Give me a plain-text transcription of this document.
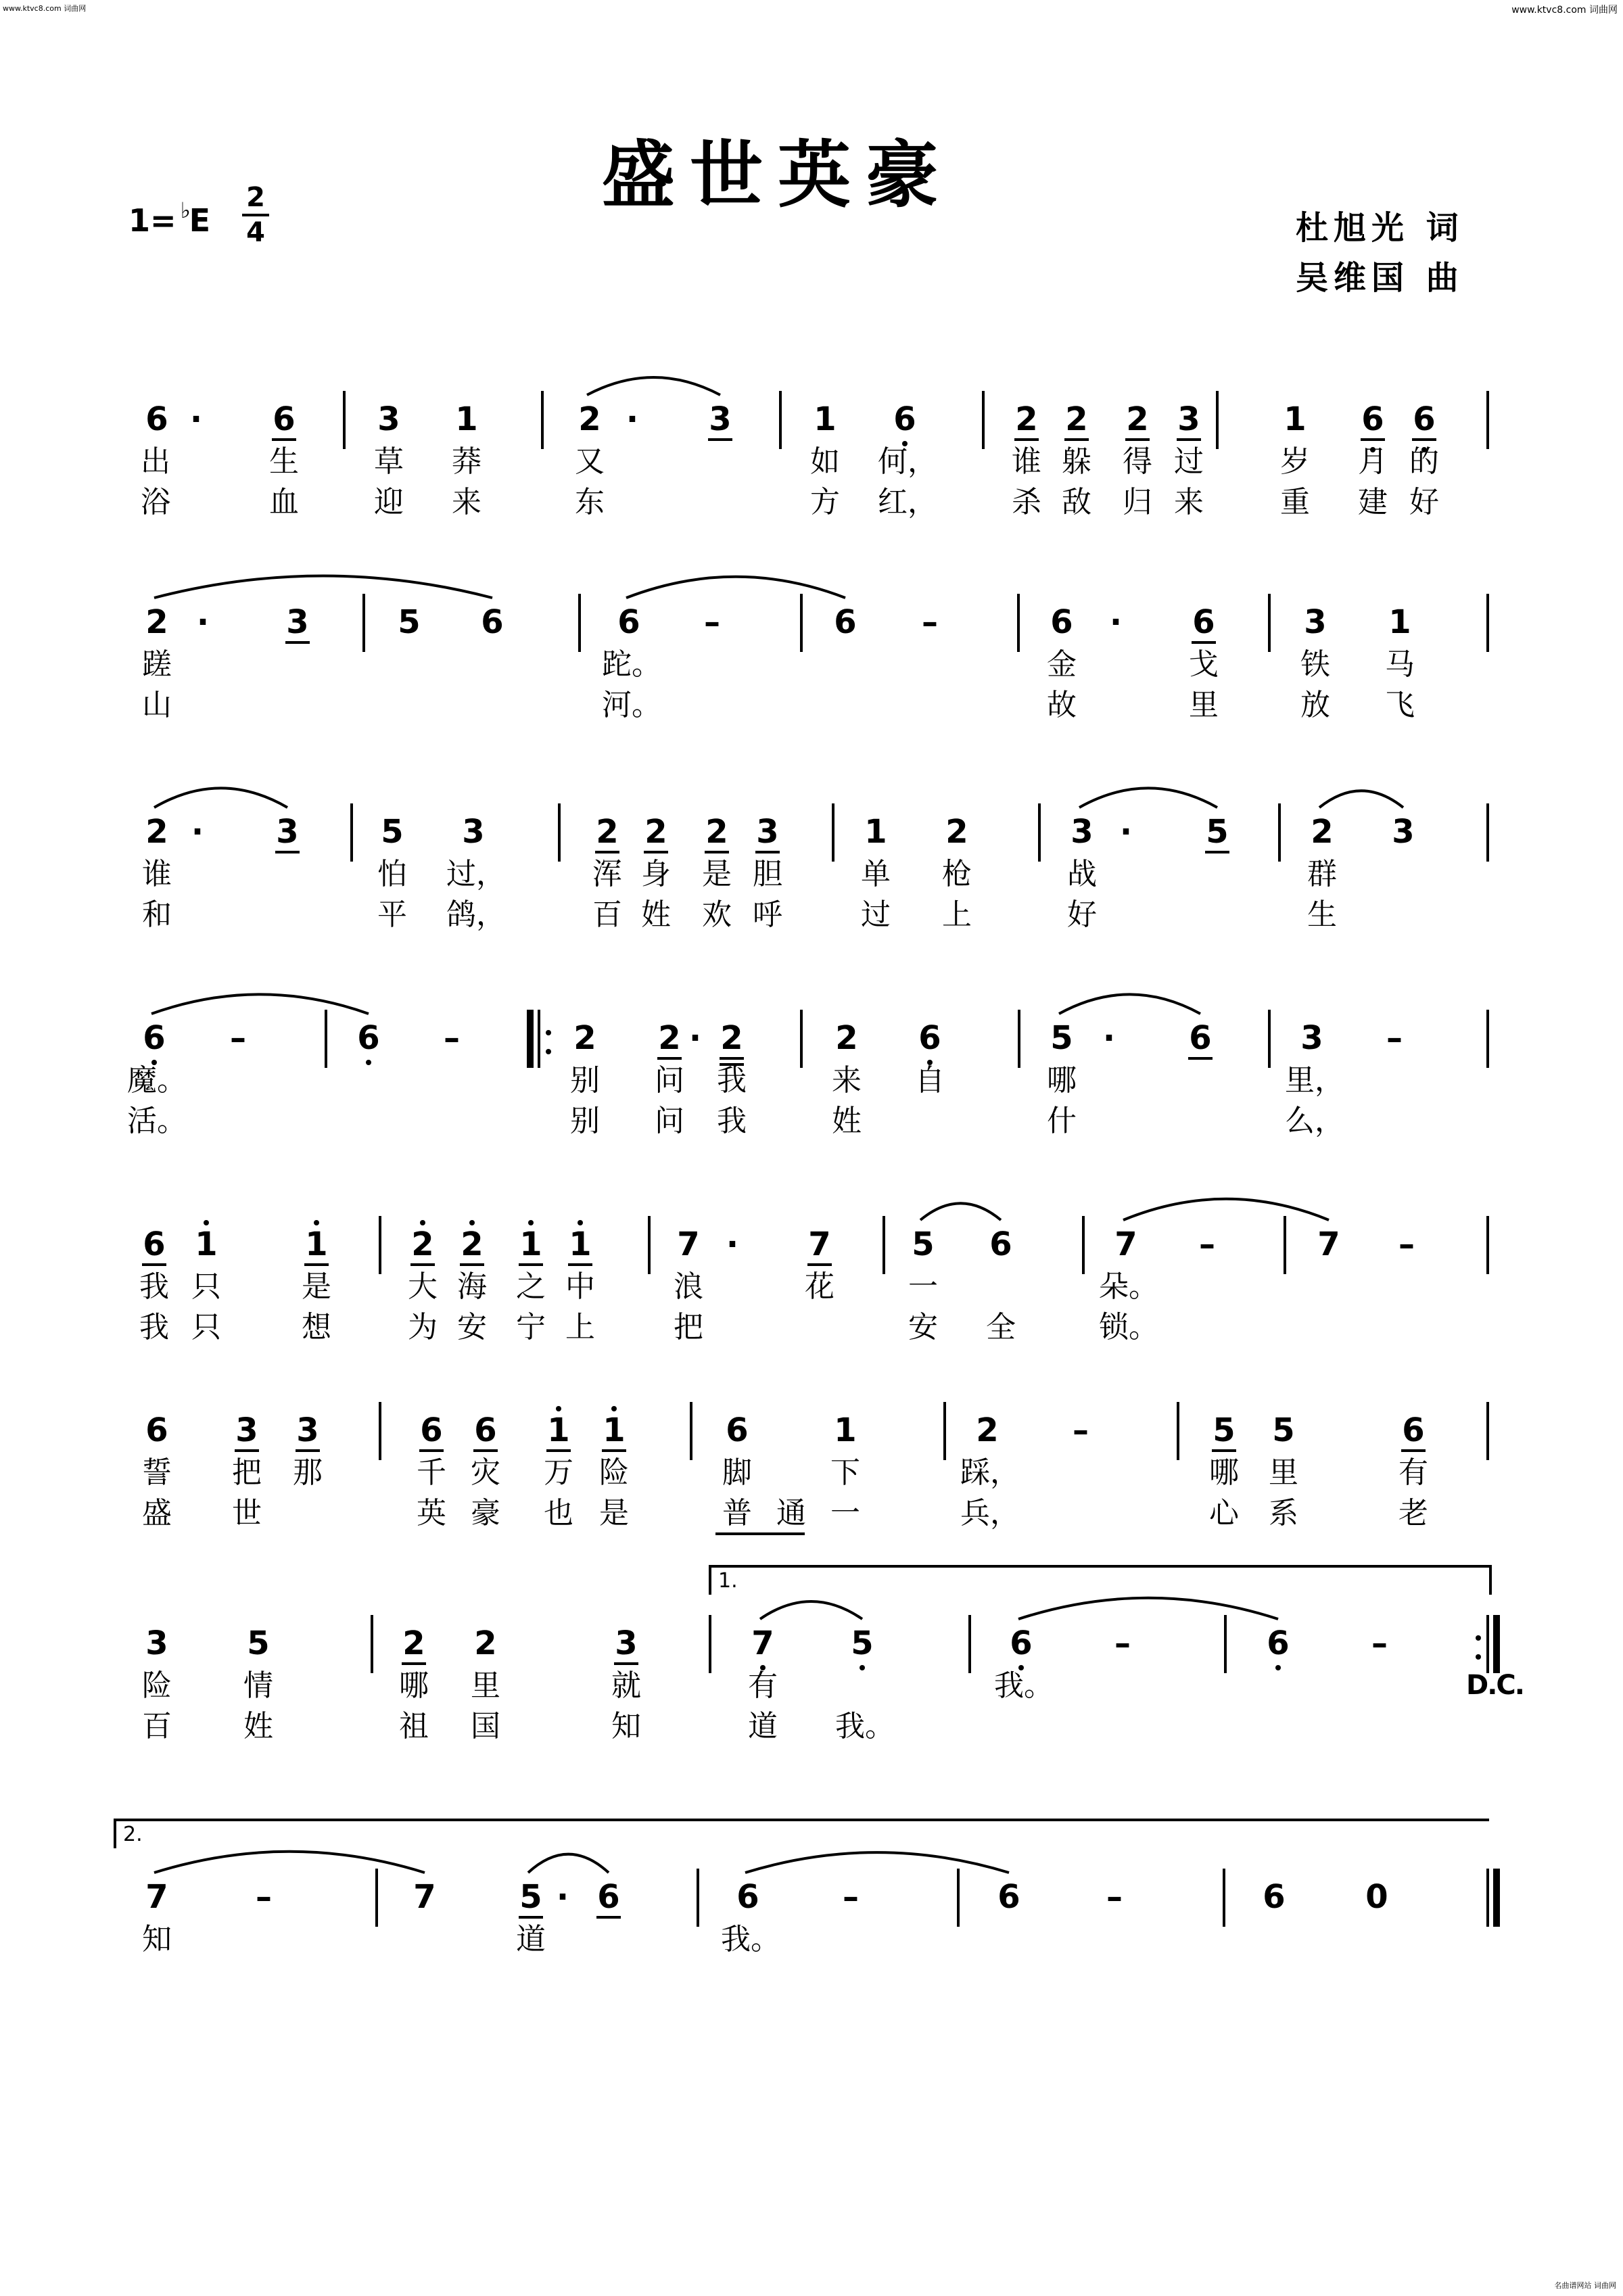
www.ktvc8.com 词曲网	www.ktvc8.com 词曲网
名曲谱网站 词曲网
盛世英豪
1= ♭E
2
4	杜旭光 词
吴维国 曲
6 ·	6	3 1	2 ·	3	1 6	2 2 2 3	1 6 6
出	生	草	莽	又	如	何，	谁 躲	得 过	岁	月 的
浴	血	迎	来	东	方	红，	杀 敌	归 来	重	建 好
2 ·	3	5 6	6	–	6	–	6	·	6	3 1
蹉	跎。	金	戈	铁	马
山	河。	故	里	放	飞
2 ·	3	5 3	2 2 2 3	1 2	3 ·	5	2 3
谁	怕	过，	浑 身	是 胆	单	枪	战	群
和	平	鸽，	百 姓	欢 呼	过	上	好	生
6	–	6	–	2 2 · 2	2 6	5 ·	6	3	–
魔。	别	问	我	来	自	哪	里，
活。	别	问	我	姓	什	么，
6 1	1	2 2 1 1	7 ·	7 5 6	7	–	7	–
我 只	是	大 海 之 中	浪	花	一	朵。
我 只	想	为 安 宁 上	把	安	全	锁。
6 3 3	6 6 1 1	6	1	2	–	5 5	6
誓	把	那	千 灾	万 险	脚	下	踩，	哪	里	有
盛	世	英 豪	也 是	普 通 一	兵，	心	系	老
3 5	2 2	3	7 5	6	–	6	–
险	情	哪	里	就	有	我。
百	姓	祖	国	知	道	我。
1.
D.C.
7	–	7	5 · 6	6	–	6	–	6 0
知	道	我。
2.
